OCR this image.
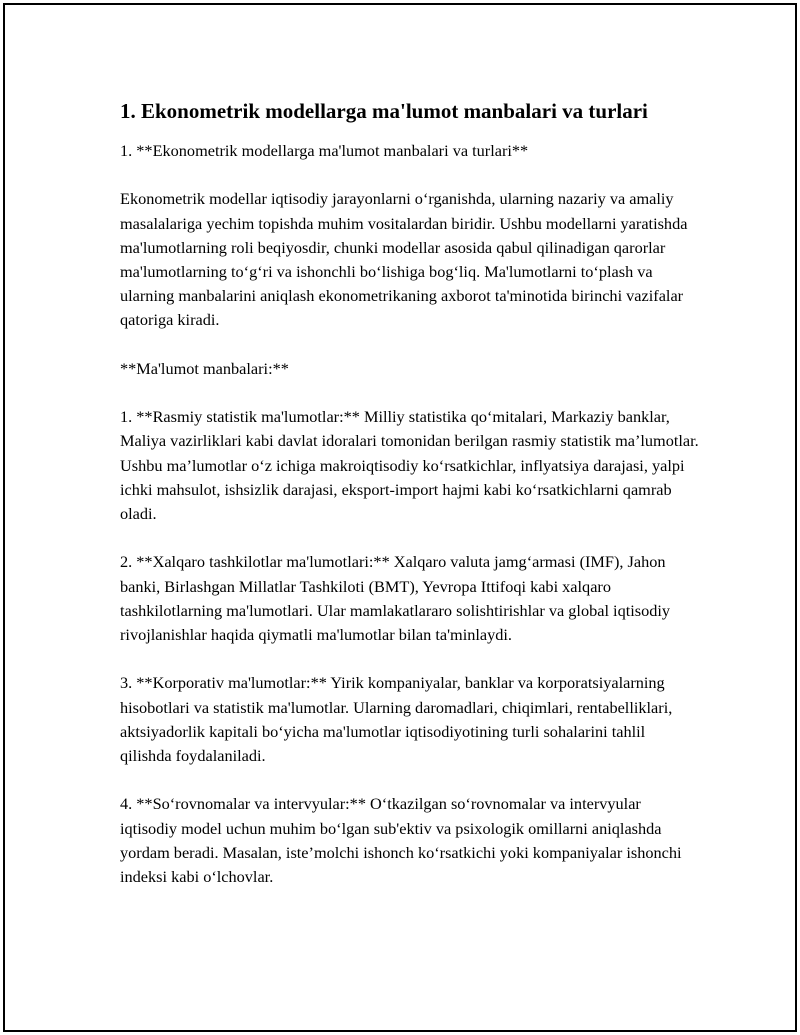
1. Ekonometrik modellarga ma'lumot manbalari va turlari

1. **Ekonometrik modellarga ma'lumot manbalari va turlari**

Ekonometrik modellar iqtisodiy jarayonlarni o‘rganishda, ularning nazariy va amaliy masalalariga yechim topishda muhim vositalardan biridir. Ushbu modellarni yaratishda ma'lumotlarning roli beqiyosdir, chunki modellar asosida qabul qilinadigan qarorlar ma'lumotlarning to‘g‘ri va ishonchli bo‘lishiga bog‘liq. Ma'lumotlarni to‘plash va ularning manbalarini aniqlash ekonometrikaning axborot ta'minotida birinchi vazifalar qatoriga kiradi.

**Ma'lumot manbalari:**

1. **Rasmiy statistik ma'lumotlar:** Milliy statistika qo‘mitalari, Markaziy banklar, Maliya vazirliklari kabi davlat idoralari tomonidan berilgan rasmiy statistik ma’lumotlar. Ushbu ma’lumotlar o‘z ichiga makroiqtisodiy ko‘rsatkichlar, inflyatsiya darajasi, yalpi ichki mahsulot, ishsizlik darajasi, eksport-import hajmi kabi ko‘rsatkichlarni qamrab oladi.

2. **Xalqaro tashkilotlar ma'lumotlari:** Xalqaro valuta jamg‘armasi (IMF), Jahon banki, Birlashgan Millatlar Tashkiloti (BMT), Yevropa Ittifoqi kabi xalqaro tashkilotlarning ma'lumotlari. Ular mamlakatlararo solishtirishlar va global iqtisodiy rivojlanishlar haqida qiymatli ma'lumotlar bilan ta'minlaydi.

3. **Korporativ ma'lumotlar:** Yirik kompaniyalar, banklar va korporatsiyalarning hisobotlari va statistik ma'lumotlar. Ularning daromadlari, chiqimlari, rentabelliklari, aktsiyadorlik kapitali bo‘yicha ma'lumotlar iqtisodiyotining turli sohalarini tahlil qilishda foydalaniladi.

4. **So‘rovnomalar va intervyular:** O‘tkazilgan so‘rovnomalar va intervyular iqtisodiy model uchun muhim bo‘lgan sub'ektiv va psixologik omillarni aniqlashda yordam beradi. Masalan, iste’molchi ishonch ko‘rsatkichi yoki kompaniyalar ishonchi indeksi kabi o‘lchovlar.
